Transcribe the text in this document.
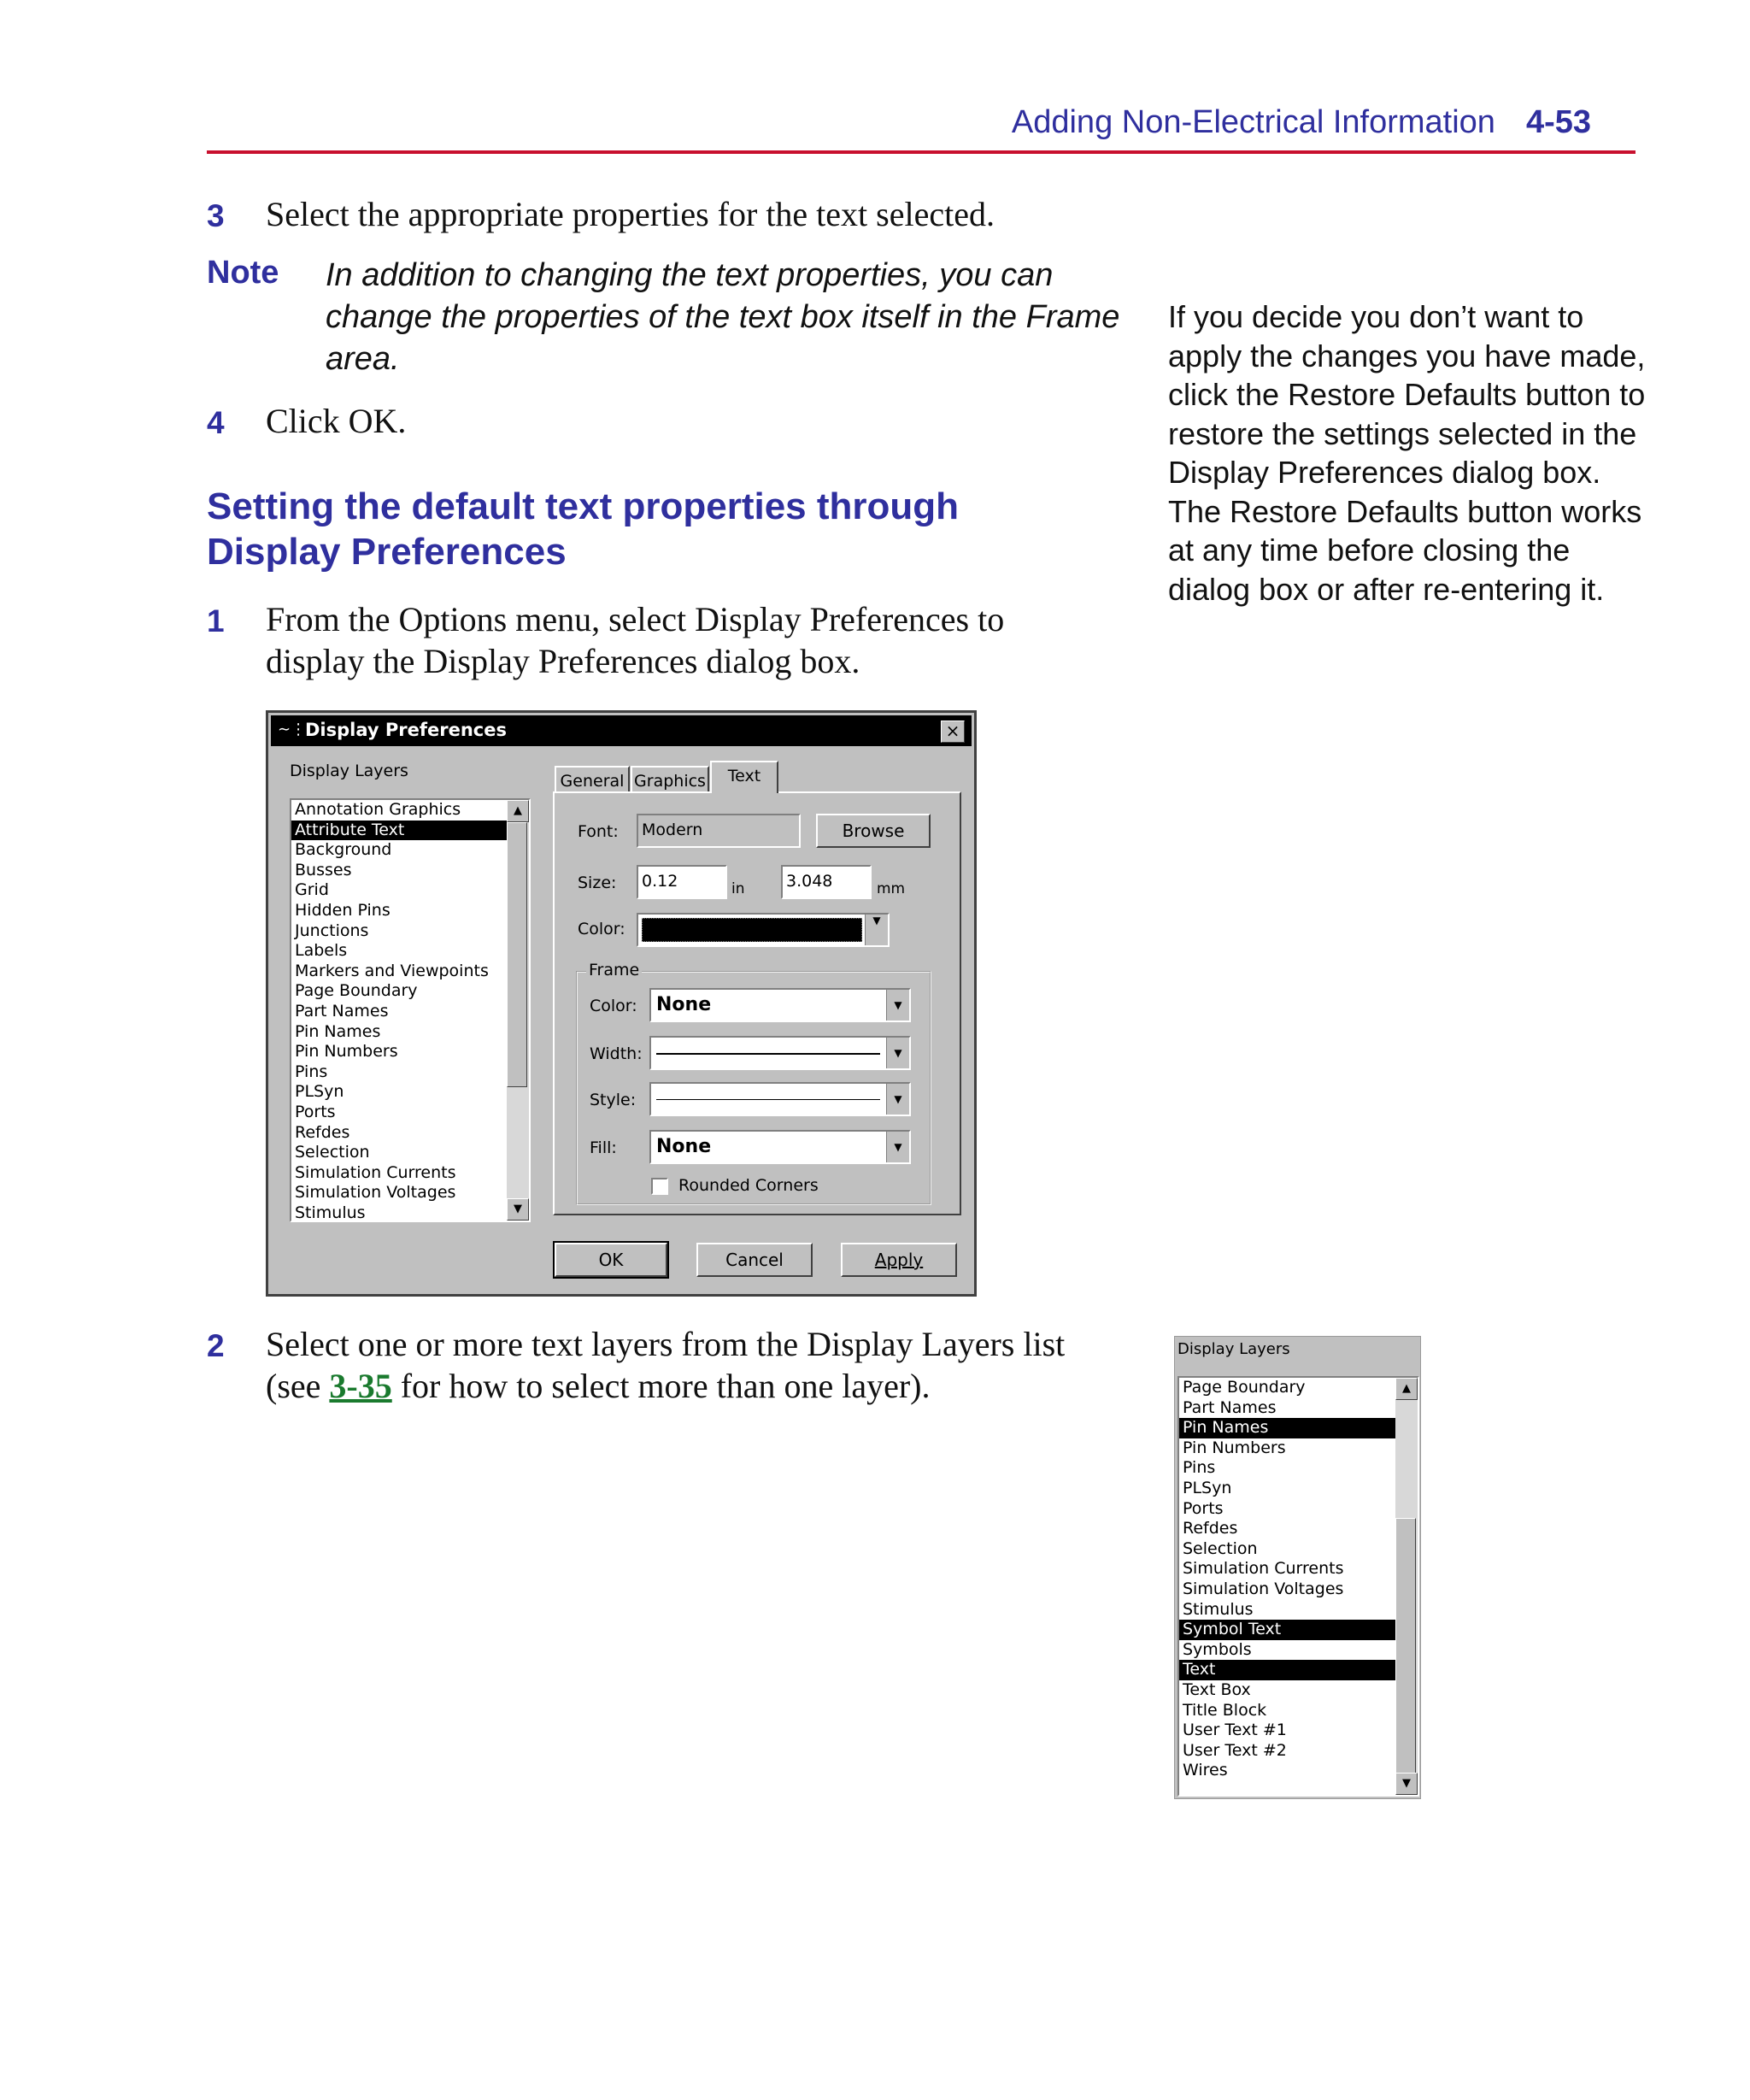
Adding Non-Electrical Information 4-53
3 Select the appropriate properties for the text selected.
Note In addition to changing the text properties, you can change the properties of the text box itself in the Frame area.
4 Click OK.
Setting the default text properties through Display Preferences
1 From the Options menu, select Display Preferences to display the Display Preferences dialog box.
If you decide you don’t want to apply the changes you have made, click the Restore Defaults button to restore the settings selected in the Display Preferences dialog box. The Restore Defaults button works at any time before closing the dialog box or after re-entering it.
∼⋮
Display Preferences	×
Display Layers
Annotation Graphics
Attribute Text
Background
Busses
Grid
Hidden Pins
Junctions
Labels
Markers and Viewpoints
Page Boundary
Part Names
Pin Names
Pin Numbers
Pins
PLSyn
Ports
Refdes
Selection
Simulation Currents
Simulation Voltages
Stimulus
▲
▼
General Graphics	Text
Font:	Modern	Browse
Size:	0.12	in	3.048	mm
Color:	▼
Frame
Color:	None	▼
Width:	▼
Style:	▼
Fill:	None	▼
Rounded Corners
OK	Cancel	Apply
2 Select one or more text layers from the Display Layers list (see 3-35 for how to select more than one layer).
Display Layers
Page Boundary
Part Names
Pin Names
Pin Numbers
Pins
PLSyn
Ports
Refdes
Selection
Simulation Currents
Simulation Voltages
Stimulus
Symbol Text
Symbols
Text
Text Box
Title Block
User Text #1
User Text #2
Wires
▲
▼
